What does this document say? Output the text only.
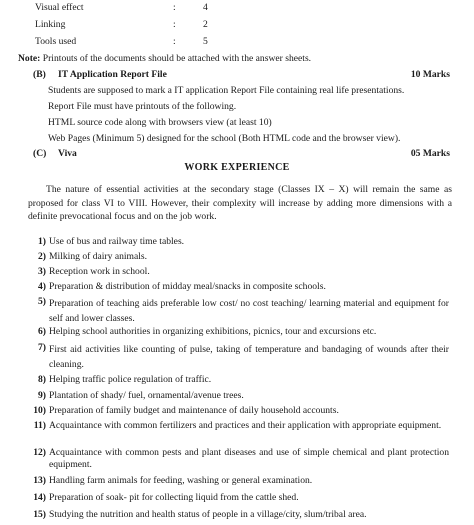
Visual effect	:	4
Linking	:	2
Tools used	:	5
Note: Printouts of the documents should be attached with the answer sheets.
(B) IT Application Report File	10 Marks
Students are supposed to mark a IT application Report File containing real life presentations.
Report File must have printouts of the following.
HTML source code along with browsers view (at least 10)
Web Pages (Minimum 5) designed for the school (Both HTML code and the browser view).
(C) Viva	05 Marks
WORK EXPERIENCE
The nature of essential activities at the secondary stage (Classes IX – X) will remain the same as proposed for class VI to VIII. However, their complexity will increase by adding more dimensions with a definite prevocational focus and on the job work.
1) Use of bus and railway time tables.
2) Milking of dairy animals.
3) Reception work in school.
4) Preparation & distribution of midday meal/snacks in composite schools.
5) Preparation of teaching aids preferable low cost/ no cost teaching/ learning material and equipment for self and lower classes.
6) Helping school authorities in organizing exhibitions, picnics, tour and excursions etc.
7) First aid activities like counting of pulse, taking of temperature and bandaging of wounds after their cleaning.
8) Helping traffic police regulation of traffic.
9) Plantation of shady/ fuel, ornamental/avenue trees.
10) Preparation of family budget and maintenance of daily household accounts.
11) Acquaintance with common fertilizers and practices and their application with appropriate equipment.
12) Acquaintance with common pests and plant diseases and use of simple chemical and plant protection equipment.
13) Handling farm animals for feeding, washing or general examination.
14) Preparation of soak- pit for collecting liquid from the cattle shed.
15) Studying the nutrition and health status of people in a village/city, slum/tribal area.
